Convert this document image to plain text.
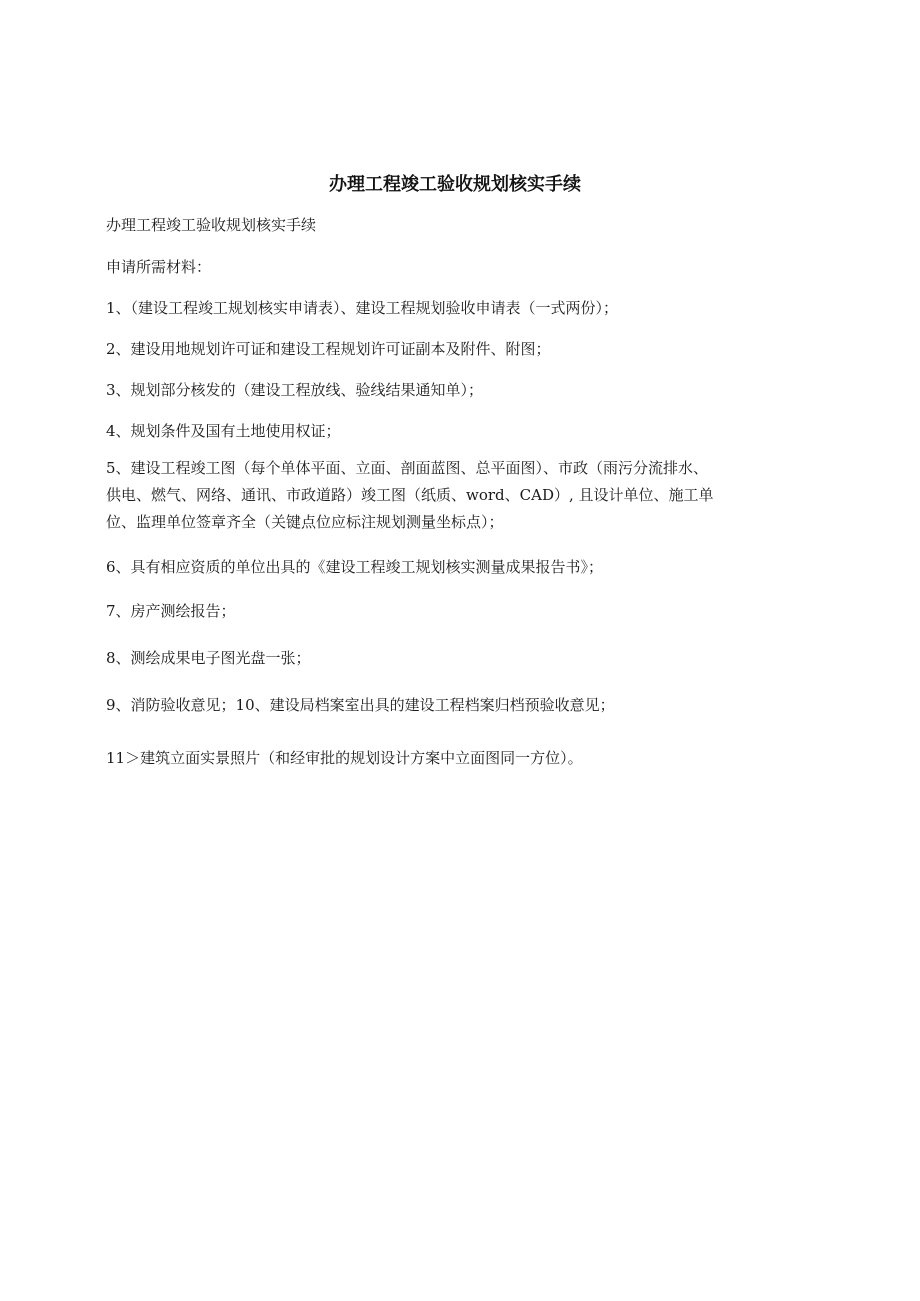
办理工程竣工验收规划核实手续
办理工程竣工验收规划核实手续
申请所需材料：
1、（建设工程竣工规划核实申请表）、建设工程规划验收申请表（一式两份）；
2、建设用地规划许可证和建设工程规划许可证副本及附件、附图；
3、规划部分核发的（建设工程放线、验线结果通知单）；
4、规划条件及国有土地使用权证；
5、建设工程竣工图（每个单体平面、立面、剖面蓝图、总平面图）、市政（雨污分流排水、
供电、燃气、网络、通讯、市政道路）竣工图（纸质、word、CAD）, 且设计单位、施工单
位、监理单位签章齐全（关键点位应标注规划测量坐标点）；
6、具有相应资质的单位出具的《建设工程竣工规划核实测量成果报告书》；
7、房产测绘报告；
8、测绘成果电子图光盘一张；
9、消防验收意见；10、建设局档案室出具的建设工程档案归档预验收意见；
11＞建筑立面实景照片（和经审批的规划设计方案中立面图同一方位）。
